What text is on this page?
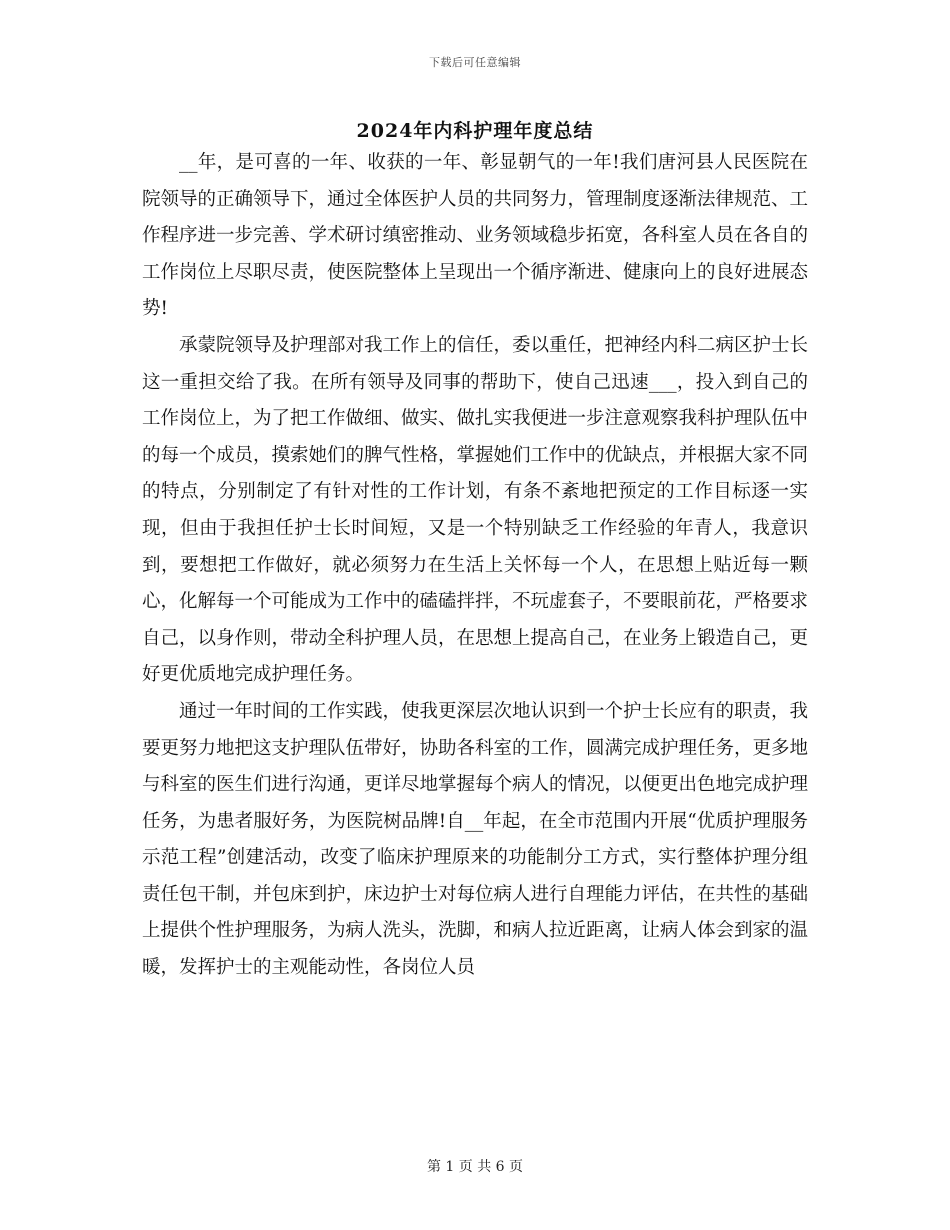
下载后可任意编辑
2024年内科护理年度总结

__年，是可喜的一年、收获的一年、彰显朝气的一年!我们唐河县人民医院在院领导的正确领导下，通过全体医护人员的共同努力，管理制度逐渐法律规范、工作程序进一步完善、学术研讨缜密推动、业务领域稳步拓宽，各科室人员在各自的工作岗位上尽职尽责，使医院整体上呈现出一个循序渐进、健康向上的良好进展态势!

承蒙院领导及护理部对我工作上的信任，委以重任，把神经内科二病区护士长这一重担交给了我。在所有领导及同事的帮助下，使自己迅速___，投入到自己的工作岗位上，为了把工作做细、做实、做扎实我便进一步注意观察我科护理队伍中的每一个成员，摸索她们的脾气性格，掌握她们工作中的优缺点，并根据大家不同的特点，分别制定了有针对性的工作计划，有条不紊地把预定的工作目标逐一实现，但由于我担任护士长时间短，又是一个特别缺乏工作经验的年青人，我意识到，要想把工作做好，就必须努力在生活上关怀每一个人，在思想上贴近每一颗心，化解每一个可能成为工作中的磕磕拌拌，不玩虚套子，不要眼前花，严格要求自己，以身作则，带动全科护理人员，在思想上提高自己，在业务上锻造自己，更好更优质地完成护理任务。

通过一年时间的工作实践，使我更深层次地认识到一个护士长应有的职责，我要更努力地把这支护理队伍带好，协助各科室的工作，圆满完成护理任务，更多地与科室的医生们进行沟通，更详尽地掌握每个病人的情况，以便更出色地完成护理任务，为患者服好务，为医院树品牌!自__年起，在全市范围内开展“优质护理服务示范工程”创建活动，改变了临床护理原来的功能制分工方式，实行整体护理分组责任包干制，并包床到护，床边护士对每位病人进行自理能力评估，在共性的基础上提供个性护理服务，为病人洗头，洗脚，和病人拉近距离，让病人体会到家的温暖，发挥护士的主观能动性，各岗位人员

第 1 页 共 6 页
